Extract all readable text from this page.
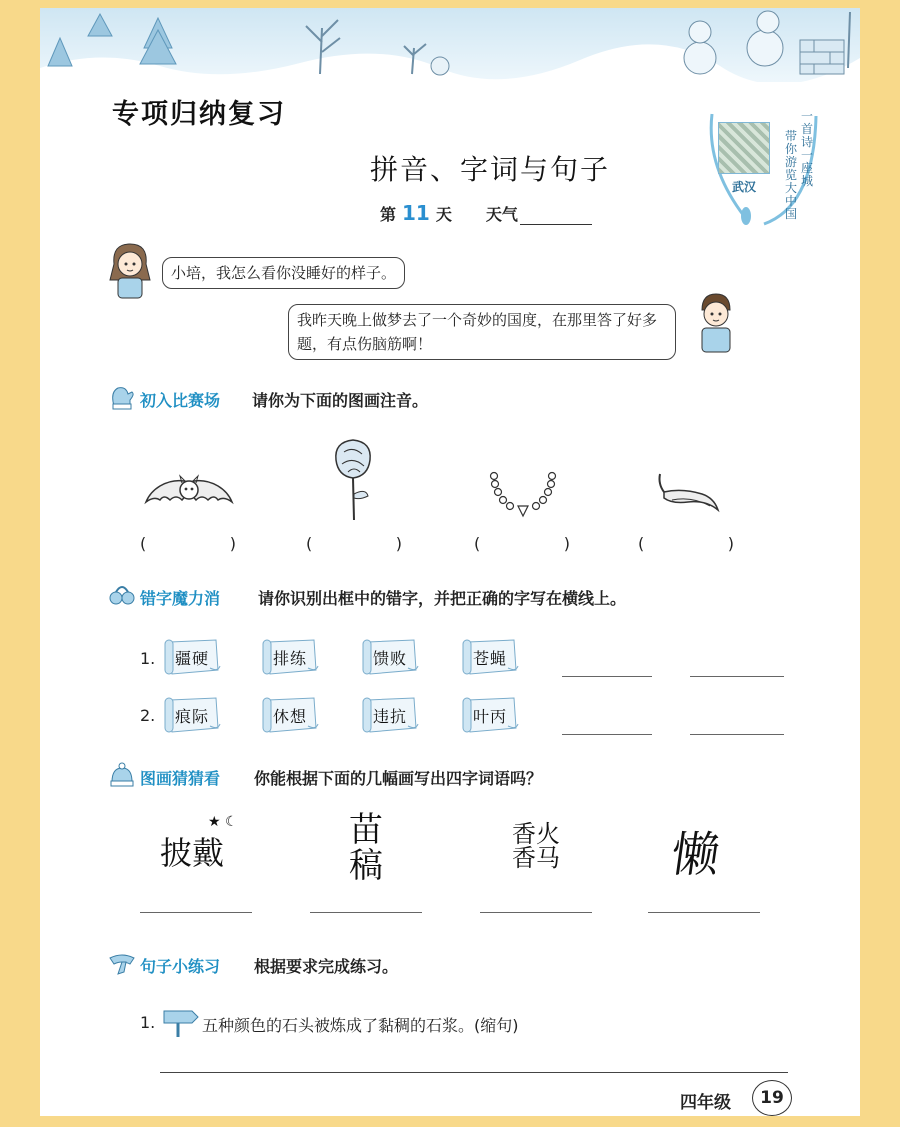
专项归纳复习
拼音、字词与句子
第 11 天 天气
武汉
一首诗一座城
带你游览大中国
小培，我怎么看你没睡好的样子。
我昨天晚上做梦去了一个奇妙的国度，在那里答了好多题，有点伤脑筋啊！
初入比赛场 请你为下面的图画注音。
(	)	(	)	(	)	(	)
错字魔力消 请你识别出框中的错字，并把正确的字写在横线上。
1. 疆硬	排练	馈败	苍蝇
2. 痕际	休想	违抗	叶丙
图画猜猜看 你能根据下面的几幅画写出四字词语吗？
★ ☾
披戴
苗
稿
香火
香马 懒
句子小练习 根据要求完成练习。
1.	五种颜色的石头被炼成了黏稠的石浆。(缩句)
四年级	19
